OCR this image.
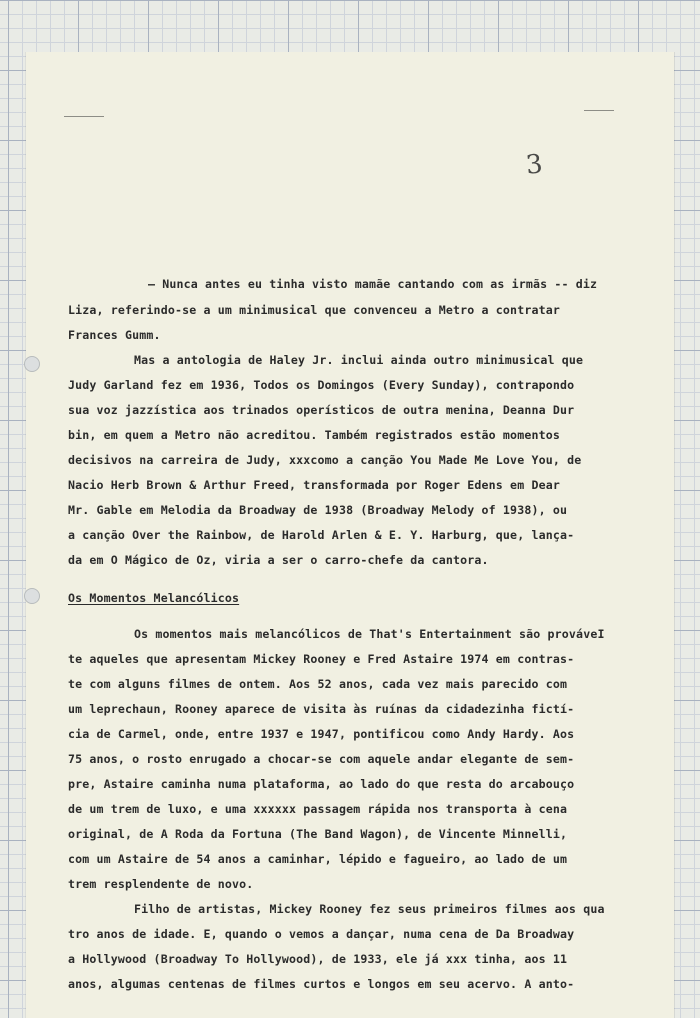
3
— Nunca antes eu tinha visto mamãe cantando com as irmãs -- diz
Liza, referindo-se a um minimusical que convenceu a Metro a contratar
Frances Gumm.
Mas a antologia de Haley Jr. inclui ainda outro minimusical que
Judy Garland fez em 1936, Todos os Domingos (Every Sunday), contrapondo
sua voz jazzística aos trinados operísticos de outra menina, Deanna Dur
bin, em quem a Metro não acreditou. Também registrados estão momentos
decisivos na carreira de Judy, xxxcomo a canção You Made Me Love You, de
Nacio Herb Brown & Arthur Freed, transformada por Roger Edens em Dear
Mr. Gable em Melodia da Broadway de 1938 (Broadway Melody of 1938), ou
a canção Over the Rainbow, de Harold Arlen & E. Y. Harburg, que, lança-
da em O Mágico de Oz, viria a ser o carro-chefe da cantora.
Os Momentos Melancólicos
Os momentos mais melancólicos de That's Entertainment são prováveI
te aqueles que apresentam Mickey Rooney e Fred Astaire 1974 em contras-
te com alguns filmes de ontem. Aos 52 anos, cada vez mais parecido com
um leprechaun, Rooney aparece de visita às ruínas da cidadezinha fictí-
cia de Carmel, onde, entre 1937 e 1947, pontificou como Andy Hardy. Aos
75 anos, o rosto enrugado a chocar-se com aquele andar elegante de sem-
pre, Astaire caminha numa plataforma, ao lado do que resta do arcabouço
de um trem de luxo, e uma xxxxxx passagem rápida nos transporta à cena
original, de A Roda da Fortuna (The Band Wagon), de Vincente Minnelli,
com um Astaire de 54 anos a caminhar, lépido e fagueiro, ao lado de um
trem resplendente de novo.
Filho de artistas, Mickey Rooney fez seus primeiros filmes aos qua
tro anos de idade. E, quando o vemos a dançar, numa cena de Da Broadway
a Hollywood (Broadway To Hollywood), de 1933, ele já xxx tinha, aos 11
anos, algumas centenas de filmes curtos e longos em seu acervo. A anto-
